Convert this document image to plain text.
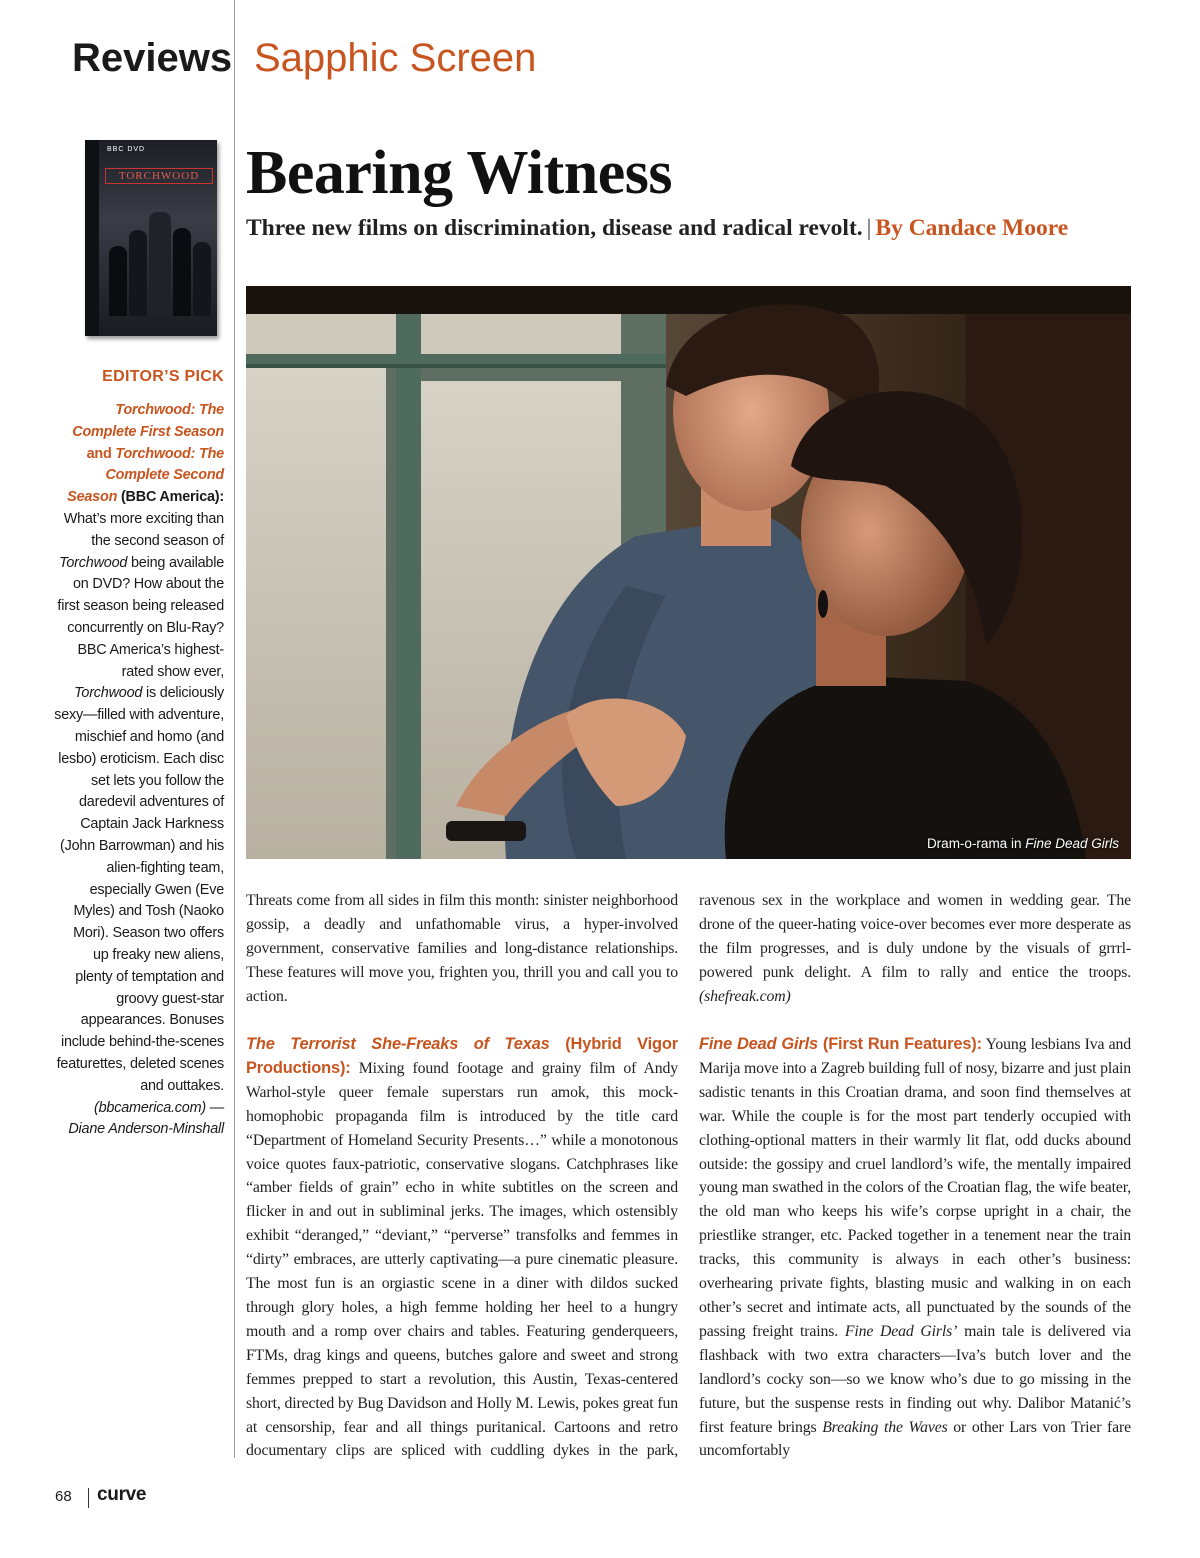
Reviews Sapphic Screen
BBC DVD
TORCHWOOD
EDITOR’S PICK
Torchwood: The Complete First Season and Torchwood: The Complete Second Season (BBC America): What’s more exciting than the second season of Torchwood being available on DVD? How about the first season being released concurrently on Blu-Ray? BBC America’s highest-rated show ever, Torchwood is deliciously sexy—filled with adventure, mischief and homo (and lesbo) eroticism. Each disc set lets you follow the daredevil adventures of Captain Jack Harkness (John Barrowman) and his alien-fighting team, especially Gwen (Eve Myles) and Tosh (Naoko Mori). Season two offers up freaky new aliens, plenty of temptation and groovy guest-star appearances. Bonuses include behind-the-scenes featurettes, deleted scenes and outtakes. (bbcamerica.com) — Diane Anderson-Minshall
Bearing Witness
Three new films on discrimination, disease and radical revolt. | By Candace Moore
Dram-o-rama in Fine Dead Girls

Threats come from all sides in film this month: sinister neighborhood gossip, a deadly and unfathomable virus, a hyper-involved government, conservative families and long-distance relationships. These features will move you, frighten you, thrill you and call you to action.

The Terrorist She-Freaks of Texas (Hybrid Vigor Productions): Mixing found footage and grainy film of Andy Warhol-style queer female superstars run amok, this mock-homophobic propaganda film is introduced by the title card “Department of Homeland Security Presents…” while a monotonous voice quotes faux-patriotic, conservative slogans. Catchphrases like “amber fields of grain” echo in white subtitles on the screen and flicker in and out in subliminal jerks. The images, which ostensibly exhibit “deranged,” “deviant,” “perverse” transfolks and femmes in “dirty” embraces, are utterly captivating—a pure cinematic pleasure. The most fun is an orgiastic scene in a diner with dildos sucked through glory holes, a high femme holding her heel to a hungry mouth and a romp over chairs and tables. Featuring genderqueers, FTMs, drag kings and queens, butches galore and sweet and strong femmes prepped to start a revolution, this Austin, Texas-centered short, directed by Bug Davidson and Holly M. Lewis, pokes great fun at censorship, fear and all things puritanical. Cartoons and retro documentary clips are spliced with cuddling dykes in the park,

ravenous sex in the workplace and women in wedding gear. The drone of the queer-hating voice-over becomes ever more desperate as the film progresses, and is duly undone by the visuals of grrrl-powered punk delight. A film to rally and entice the troops. (shefreak.com)

Fine Dead Girls (First Run Features): Young lesbians Iva and Marija move into a Zagreb building full of nosy, bizarre and just plain sadistic tenants in this Croatian drama, and soon find themselves at war. While the couple is for the most part tenderly occupied with clothing-optional matters in their warmly lit flat, odd ducks abound outside: the gossipy and cruel landlord’s wife, the mentally impaired young man swathed in the colors of the Croatian flag, the wife beater, the old man who keeps his wife’s corpse upright in a chair, the priestlike stranger, etc. Packed together in a tenement near the train tracks, this community is always in each other’s business: overhearing private fights, blasting music and walking in on each other’s secret and intimate acts, all punctuated by the sounds of the passing freight trains. Fine Dead Girls’ main tale is delivered via flashback with two extra characters—Iva’s butch lover and the landlord’s cocky son—so we know who’s due to go missing in the future, but the suspense rests in finding out why. Dalibor Matanić’s first feature brings Breaking the Waves or other Lars von Trier fare uncomfortably

68 curve
